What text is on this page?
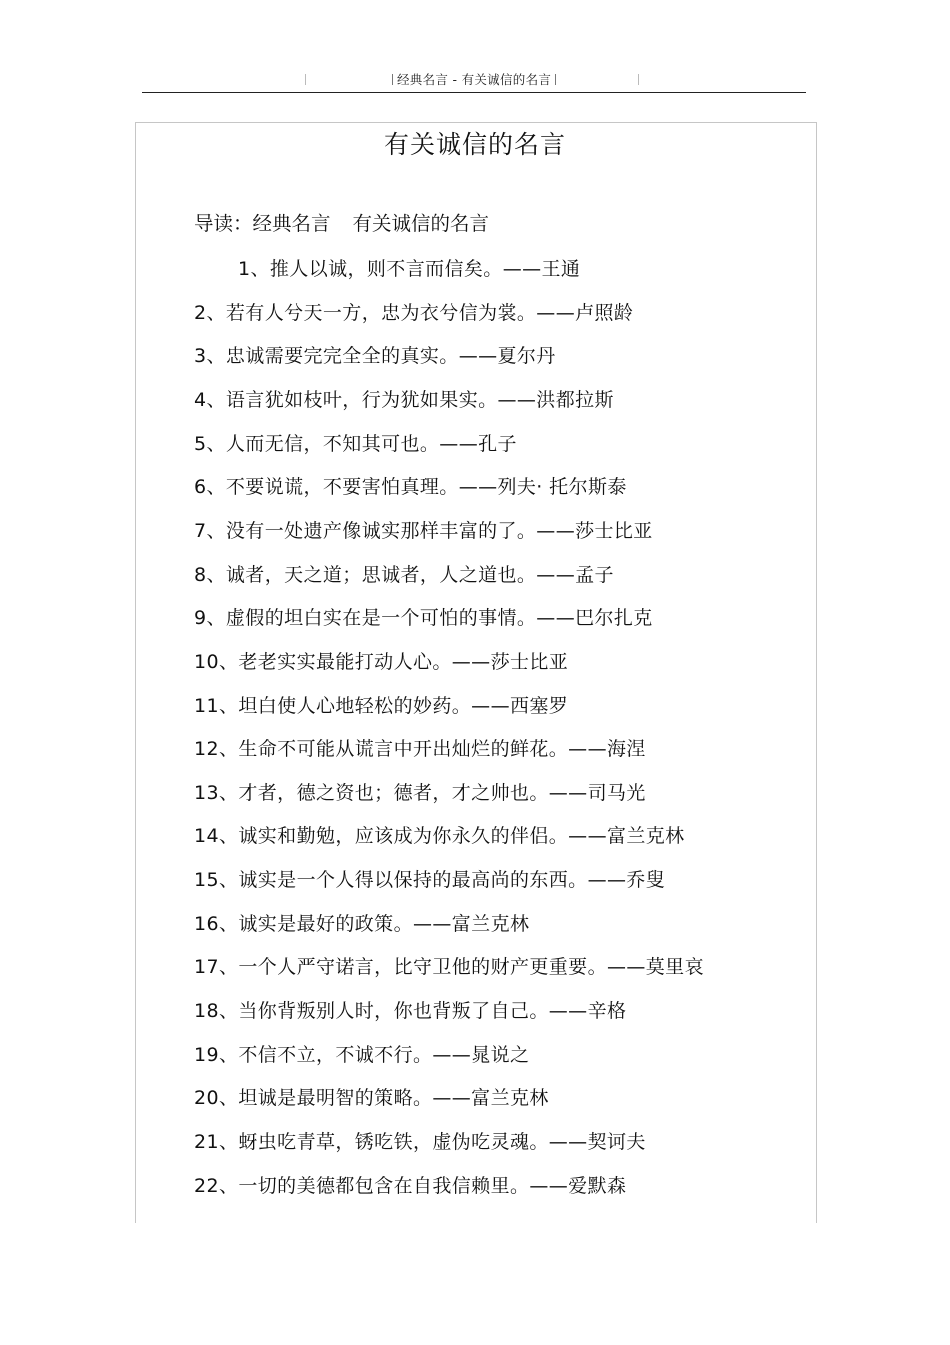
经典名言 - 有关诚信的名言
有关诚信的名言
导读：经典名言 有关诚信的名言
1、推人以诚，则不言而信矣。——王通
2、若有人兮天一方，忠为衣兮信为裳。——卢照龄
3、忠诚需要完完全全的真实。——夏尔丹
4、语言犹如枝叶，行为犹如果实。——洪都拉斯
5、人而无信，不知其可也。——孔子
6、不要说谎，不要害怕真理。——列夫· 托尔斯泰
7、没有一处遗产像诚实那样丰富的了。——莎士比亚
8、诚者，天之道；思诚者，人之道也。——孟子
9、虚假的坦白实在是一个可怕的事情。——巴尔扎克
10、老老实实最能打动人心。——莎士比亚
11、坦白使人心地轻松的妙药。——西塞罗
12、生命不可能从谎言中开出灿烂的鲜花。——海涅
13、才者，德之资也；德者，才之帅也。——司马光
14、诚实和勤勉，应该成为你永久的伴侣。——富兰克林
15、诚实是一个人得以保持的最高尚的东西。——乔叟
16、诚实是最好的政策。——富兰克林
17、一个人严守诺言，比守卫他的财产更重要。——莫里哀
18、当你背叛别人时，你也背叛了自己。——辛格
19、不信不立，不诚不行。——晁说之
20、坦诚是最明智的策略。——富兰克林
21、蚜虫吃青草，锈吃铁，虚伪吃灵魂。——契诃夫
22、一切的美德都包含在自我信赖里。——爱默森
